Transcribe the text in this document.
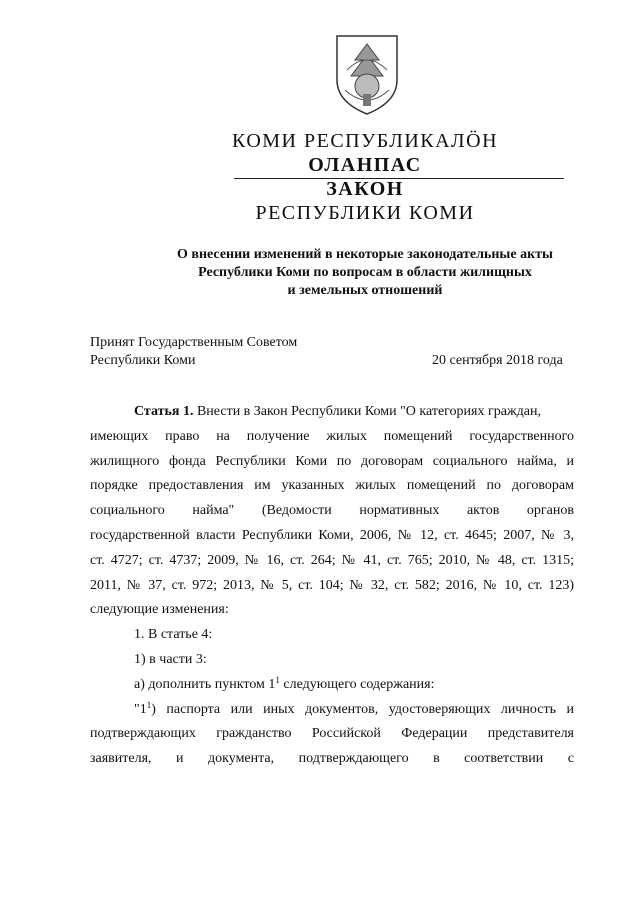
КОМИ РЕСПУБЛИКАЛÖН
ОЛАНПАС
ЗАКОН
РЕСПУБЛИКИ КОМИ
О внесении изменений в некоторые законодательные акты
Республики Коми по вопросам в области жилищных
и земельных отношений
Принят Государственным Советом
Республики Коми	20 сентября 2018 года
Статья 1. Внести в Закон Республики Коми "О категориях граждан,
имеющих право на получение жилых помещений государственного
жилищного фонда Республики Коми по договорам социального найма, и
порядке предоставления им указанных жилых помещений по договорам
социального найма" (Ведомости нормативных актов органов
государственной власти Республики Коми, 2006, № 12, ст. 4645; 2007, № 3,
ст. 4727; ст. 4737; 2009, № 16, ст. 264; № 41, ст. 765; 2010, № 48, ст. 1315;
2011, № 37, ст. 972; 2013, № 5, ст. 104; № 32, ст. 582; 2016, № 10, ст. 123)
следующие изменения:
1. В статье 4:
1) в части 3:
а) дополнить пунктом $1^1$ следующего содержания:
"$1^1$) паспорта или иных документов, удостоверяющих личность и
подтверждающих гражданство Российской Федерации представителя
заявителя, и документа, подтверждающего в соответствии с
